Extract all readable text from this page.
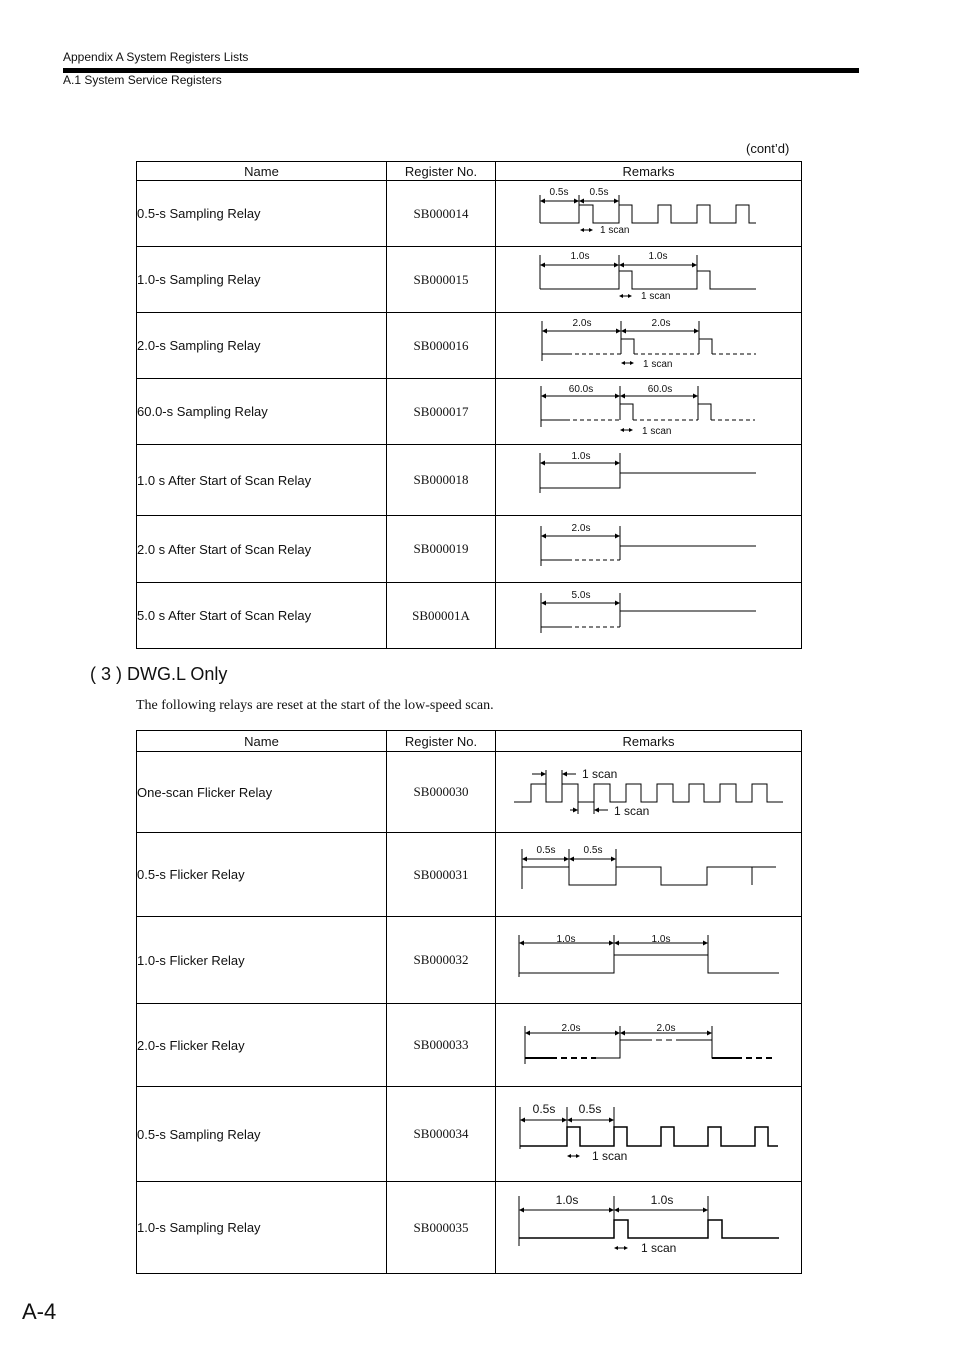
Appendix A System Registers Lists
A.1 System Service Registers
(cont’d)
Name	Register No.	Remarks
0.5-s Sampling Relay	SB000014	0.5s 0.5s
1 scan

1.0-s Sampling Relay	SB000015	1.0s 1.0s
1 scan

2.0-s Sampling Relay	SB000016	2.0s 2.0s
1 scan

60.0-s Sampling Relay	SB000017	60.0s 60.0s
1 scan

1.0 s After Start of Scan Relay	SB000018	1.0s

2.0 s After Start of Scan Relay	SB000019	2.0s

5.0 s After Start of Scan Relay	SB00001A	5.0s
( 3 ) DWG.L Only
The following relays are reset at the start of the low-speed scan.
Name	Register No.	Remarks
One-scan Flicker Relay	SB000030	1 scan
1 scan

0.5-s Flicker Relay	SB000031	0.5s 0.5s

1.0-s Flicker Relay	SB000032	1.0s 1.0s

2.0-s Flicker Relay	SB000033	2.0s 2.0s

0.5-s Sampling Relay	SB000034	0.5s 0.5s
1 scan

1.0-s Sampling Relay	SB000035	1.0s 1.0s
1 scan
A-4
